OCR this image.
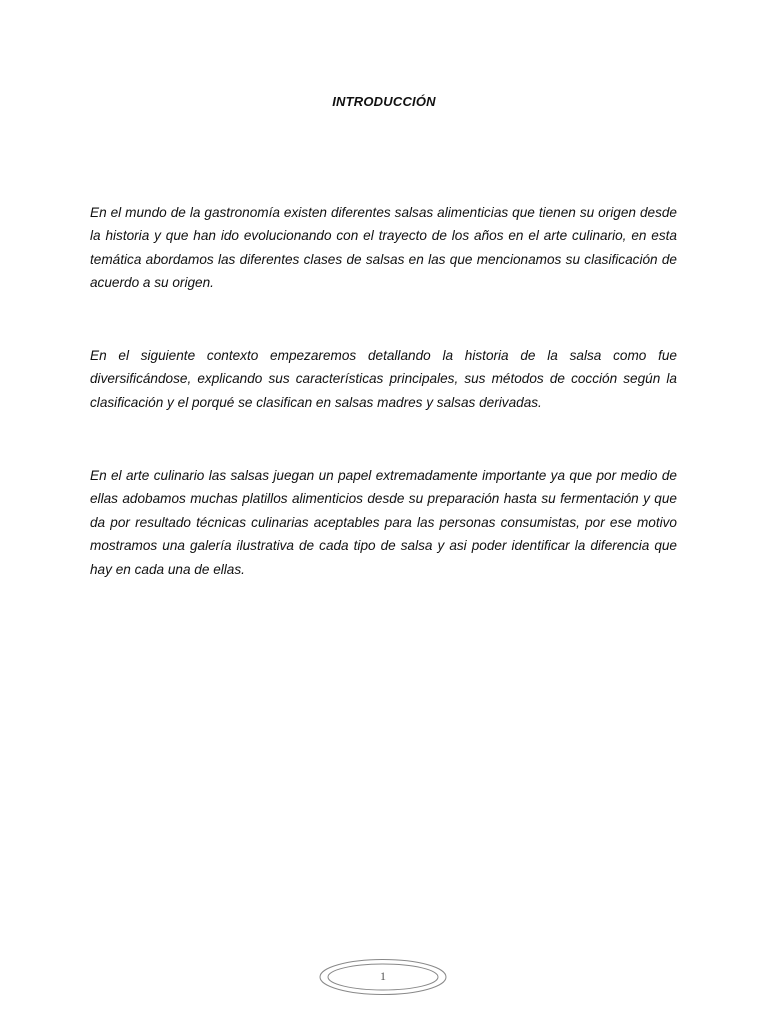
INTRODUCCIÓN

En el mundo de la gastronomía existen diferentes salsas alimenticias que tienen su origen desde la historia y que han ido evolucionando con el trayecto de los años en el arte culinario, en esta temática abordamos las diferentes clases de salsas en las que mencionamos su clasificación de acuerdo a su origen.

En el siguiente contexto empezaremos detallando la historia de la salsa como fue diversificándose, explicando sus características principales, sus métodos de cocción según la clasificación y el porqué se clasifican en salsas madres y salsas derivadas.

En el arte culinario las salsas juegan un papel extremadamente importante ya que por medio de ellas adobamos muchas platillos alimenticios desde su preparación hasta su fermentación y que da por resultado técnicas culinarias aceptables para las personas consumistas, por ese motivo mostramos una galería ilustrativa de cada tipo de salsa y asi poder identificar la diferencia que hay en cada una de ellas.

1
